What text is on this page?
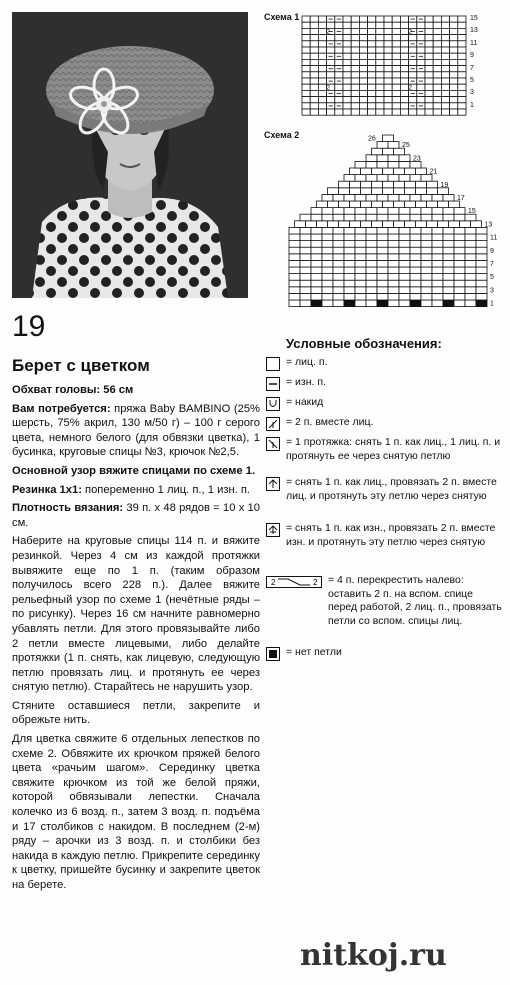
Схема 1
2	2
2	2
15
13
11
9
7
5
3
1
Схема 2	26
25
23
21
19
17
15
13
11
9
7
5
3
1
19
Берет с цветком

Обхват головы: 56 см

Вам потребуется: пряжа Baby BAMBINO (25% шерсть, 75% акрил, 130 м/50 г) – 100 г серого цвета, немного белого (для обвязки цветка), 1 бусинка, круговые спицы №3, крючок №2,5.

Основной узор вяжите спицами по схеме 1.

Резинка 1x1: попеременно 1 лиц. п., 1 изн. п.

Плотность вязания: 39 п. х 48 рядов = 10 х 10 см.

Наберите на круговые спицы 114 п. и вяжите резинкой. Через 4 см из каждой протяжки вывяжите еще по 1 п. (таким образом получилось всего 228 п.). Далее вяжите рельефный узор по схеме 1 (нечётные ряды – по рисунку). Через 16 см начните равномерно убавлять петли. Для этого провязывайте либо 2 петли вместе лицевыми, либо делайте протяжки (1 п. снять, как лицевую, следующую петлю провязать лиц. и протянуть ее через снятую петлю). Старайтесь не нарушить узор.

Стяните оставшиеся петли, закрепите и обрежьте нить.

Для цветка свяжите 6 отдельных лепестков по схеме 2. Обвяжите их крючком пряжей белого цвета «рачьим шагом». Серединку цветка свяжите крючком из той же белой пряжи, которой обвязывали лепестки. Сначала колечко из 6 возд. п., затем 3 возд. п. подъёма и 17 столбиков с накидом. В последнем (2-м) ряду – арочки из 3 возд. п. и столбики без накида в каждую петлю. Прикрепите серединку к цветку, пришейте бусинку и закрепите цветок на берете.

Условные обозначения:
= лиц. п.
= изн. п.
= накид
= 2 п. вместе лиц.
= 1 протяжка: снять 1 п. как лиц., 1 лиц. п. и протянуть ее через снятую петлю
= снять 1 п. как лиц., провязать 2 п. вместе лиц. и протянуть эту петлю через снятую
= снять 1 п. как изн., провязать 2 п. вместе изн. и протянуть эту петлю через снятую
2	2 = 4 п. перекрестить налево: оставить 2 п. на вспом. спице перед работой, 2 лиц. п., провязать петли со вспом. спицы лиц.
= нет петли
nitkoj.ru
